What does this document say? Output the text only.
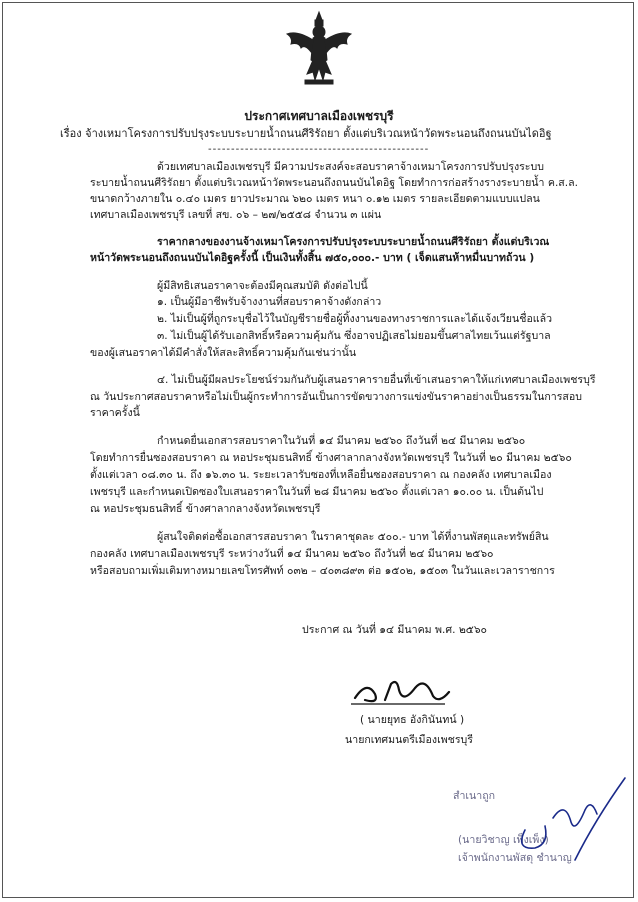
ประกาศเทศบาลเมืองเพชรบุรี
เรื่อง จ้างเหมาโครงการปรับปรุงระบบระบายน้ำถนนศีริรัถยา ตั้งแต่บริเวณหน้าวัดพระนอนถึงถนนบันไดอิฐ
------------------------------------------------
ด้วยเทศบาลเมืองเพชรบุรี มีความประสงค์จะสอบราคาจ้างเหมาโครงการปรับปรุงระบบ
ระบายน้ำถนนศีริรัถยา ตั้งแต่บริเวณหน้าวัดพระนอนถึงถนนบันไดอิฐ โดยทำการก่อสร้างรางระบายน้ำ ค.ส.ล.
ขนาดกว้างภายใน ๐.๔๐ เมตร ยาวประมาณ ๖๒๐ เมตร หนา ๐.๑๒ เมตร รายละเอียดตามแบบแปลน
เทศบาลเมืองเพชรบุรี เลขที่ สข. ๐๖ – ๒๗/๒๕๕๘ จำนวน ๓ แผ่น
ราคากลางของงานจ้างเหมาโครงการปรับปรุงระบบระบายน้ำถนนศีริรัถยา ตั้งแต่บริเวณ
หน้าวัดพระนอนถึงถนนบันไดอิฐครั้งนี้ เป็นเงินทั้งสิ้น ๗๕๐,๐๐๐.- บาท ( เจ็ดแสนห้าหมื่นบาทถ้วน )
ผู้มีสิทธิเสนอราคาจะต้องมีคุณสมบัติ ดังต่อไปนี้
๑. เป็นผู้มีอาชีพรับจ้างงานที่สอบราคาจ้างดังกล่าว
๒. ไม่เป็นผู้ที่ถูกระบุชื่อไว้ในบัญชีรายชื่อผู้ทิ้งงานของทางราชการและได้แจ้งเวียนชื่อแล้ว
๓. ไม่เป็นผู้ได้รับเอกสิทธิ์หรือความคุ้มกัน ซึ่งอาจปฏิเสธไม่ยอมขึ้นศาลไทยเว้นแต่รัฐบาล
ของผู้เสนอราคาได้มีคำสั่งให้สละสิทธิ์ความคุ้มกันเช่นว่านั้น
๔. ไม่เป็นผู้มีผลประโยชน์ร่วมกันกับผู้เสนอราคารายอื่นที่เข้าเสนอราคาให้แก่เทศบาลเมืองเพชรบุรี
ณ วันประกาศสอบราคาหรือไม่เป็นผู้กระทำการอันเป็นการขัดขวางการแข่งขันราคาอย่างเป็นธรรมในการสอบ
ราคาครั้งนี้
กำหนดยื่นเอกสารสอบราคาในวันที่ ๑๔ มีนาคม ๒๕๖๐ ถึงวันที่ ๒๔ มีนาคม ๒๕๖๐
โดยทำการยื่นซองสอบราคา ณ หอประชุมธนสิทธิ์ ข้างศาลากลางจังหวัดเพชรบุรี ในวันที่ ๒๐ มีนาคม ๒๕๖๐
ตั้งแต่เวลา ๐๘.๓๐ น. ถึง ๑๖.๓๐ น. ระยะเวลารับซองที่เหลือยื่นซองสอบราคา ณ กองคลัง เทศบาลเมือง
เพชรบุรี และกำหนดเปิดซองใบเสนอราคาในวันที่ ๒๘ มีนาคม ๒๕๖๐ ตั้งแต่เวลา ๑๐.๐๐ น. เป็นต้นไป
ณ หอประชุมธนสิทธิ์ ข้างศาลากลางจังหวัดเพชรบุรี
ผู้สนใจติดต่อซื้อเอกสารสอบราคา ในราคาชุดละ ๕๐๐.- บาท ได้ที่งานพัสดุและทรัพย์สิน
กองคลัง เทศบาลเมืองเพชรบุรี ระหว่างวันที่ ๑๔ มีนาคม ๒๕๖๐ ถึงวันที่ ๒๔ มีนาคม ๒๕๖๐
หรือสอบถามเพิ่มเติมทางหมายเลขโทรศัพท์ ๐๓๒ – ๔๐๓๘๙๓ ต่อ ๑๕๐๒, ๑๕๐๓ ในวันและเวลาราชการ
ประกาศ ณ วันที่ ๑๔ มีนาคม พ.ศ. ๒๕๖๐
( นายยุทธ อังกินันทน์ )
นายกเทศมนตรีเมืองเพชรบุรี
สำเนาถูก
(นายวิชาญ เพ็งเพ็ง)
เจ้าพนักงานพัสดุ ชำนาญ
